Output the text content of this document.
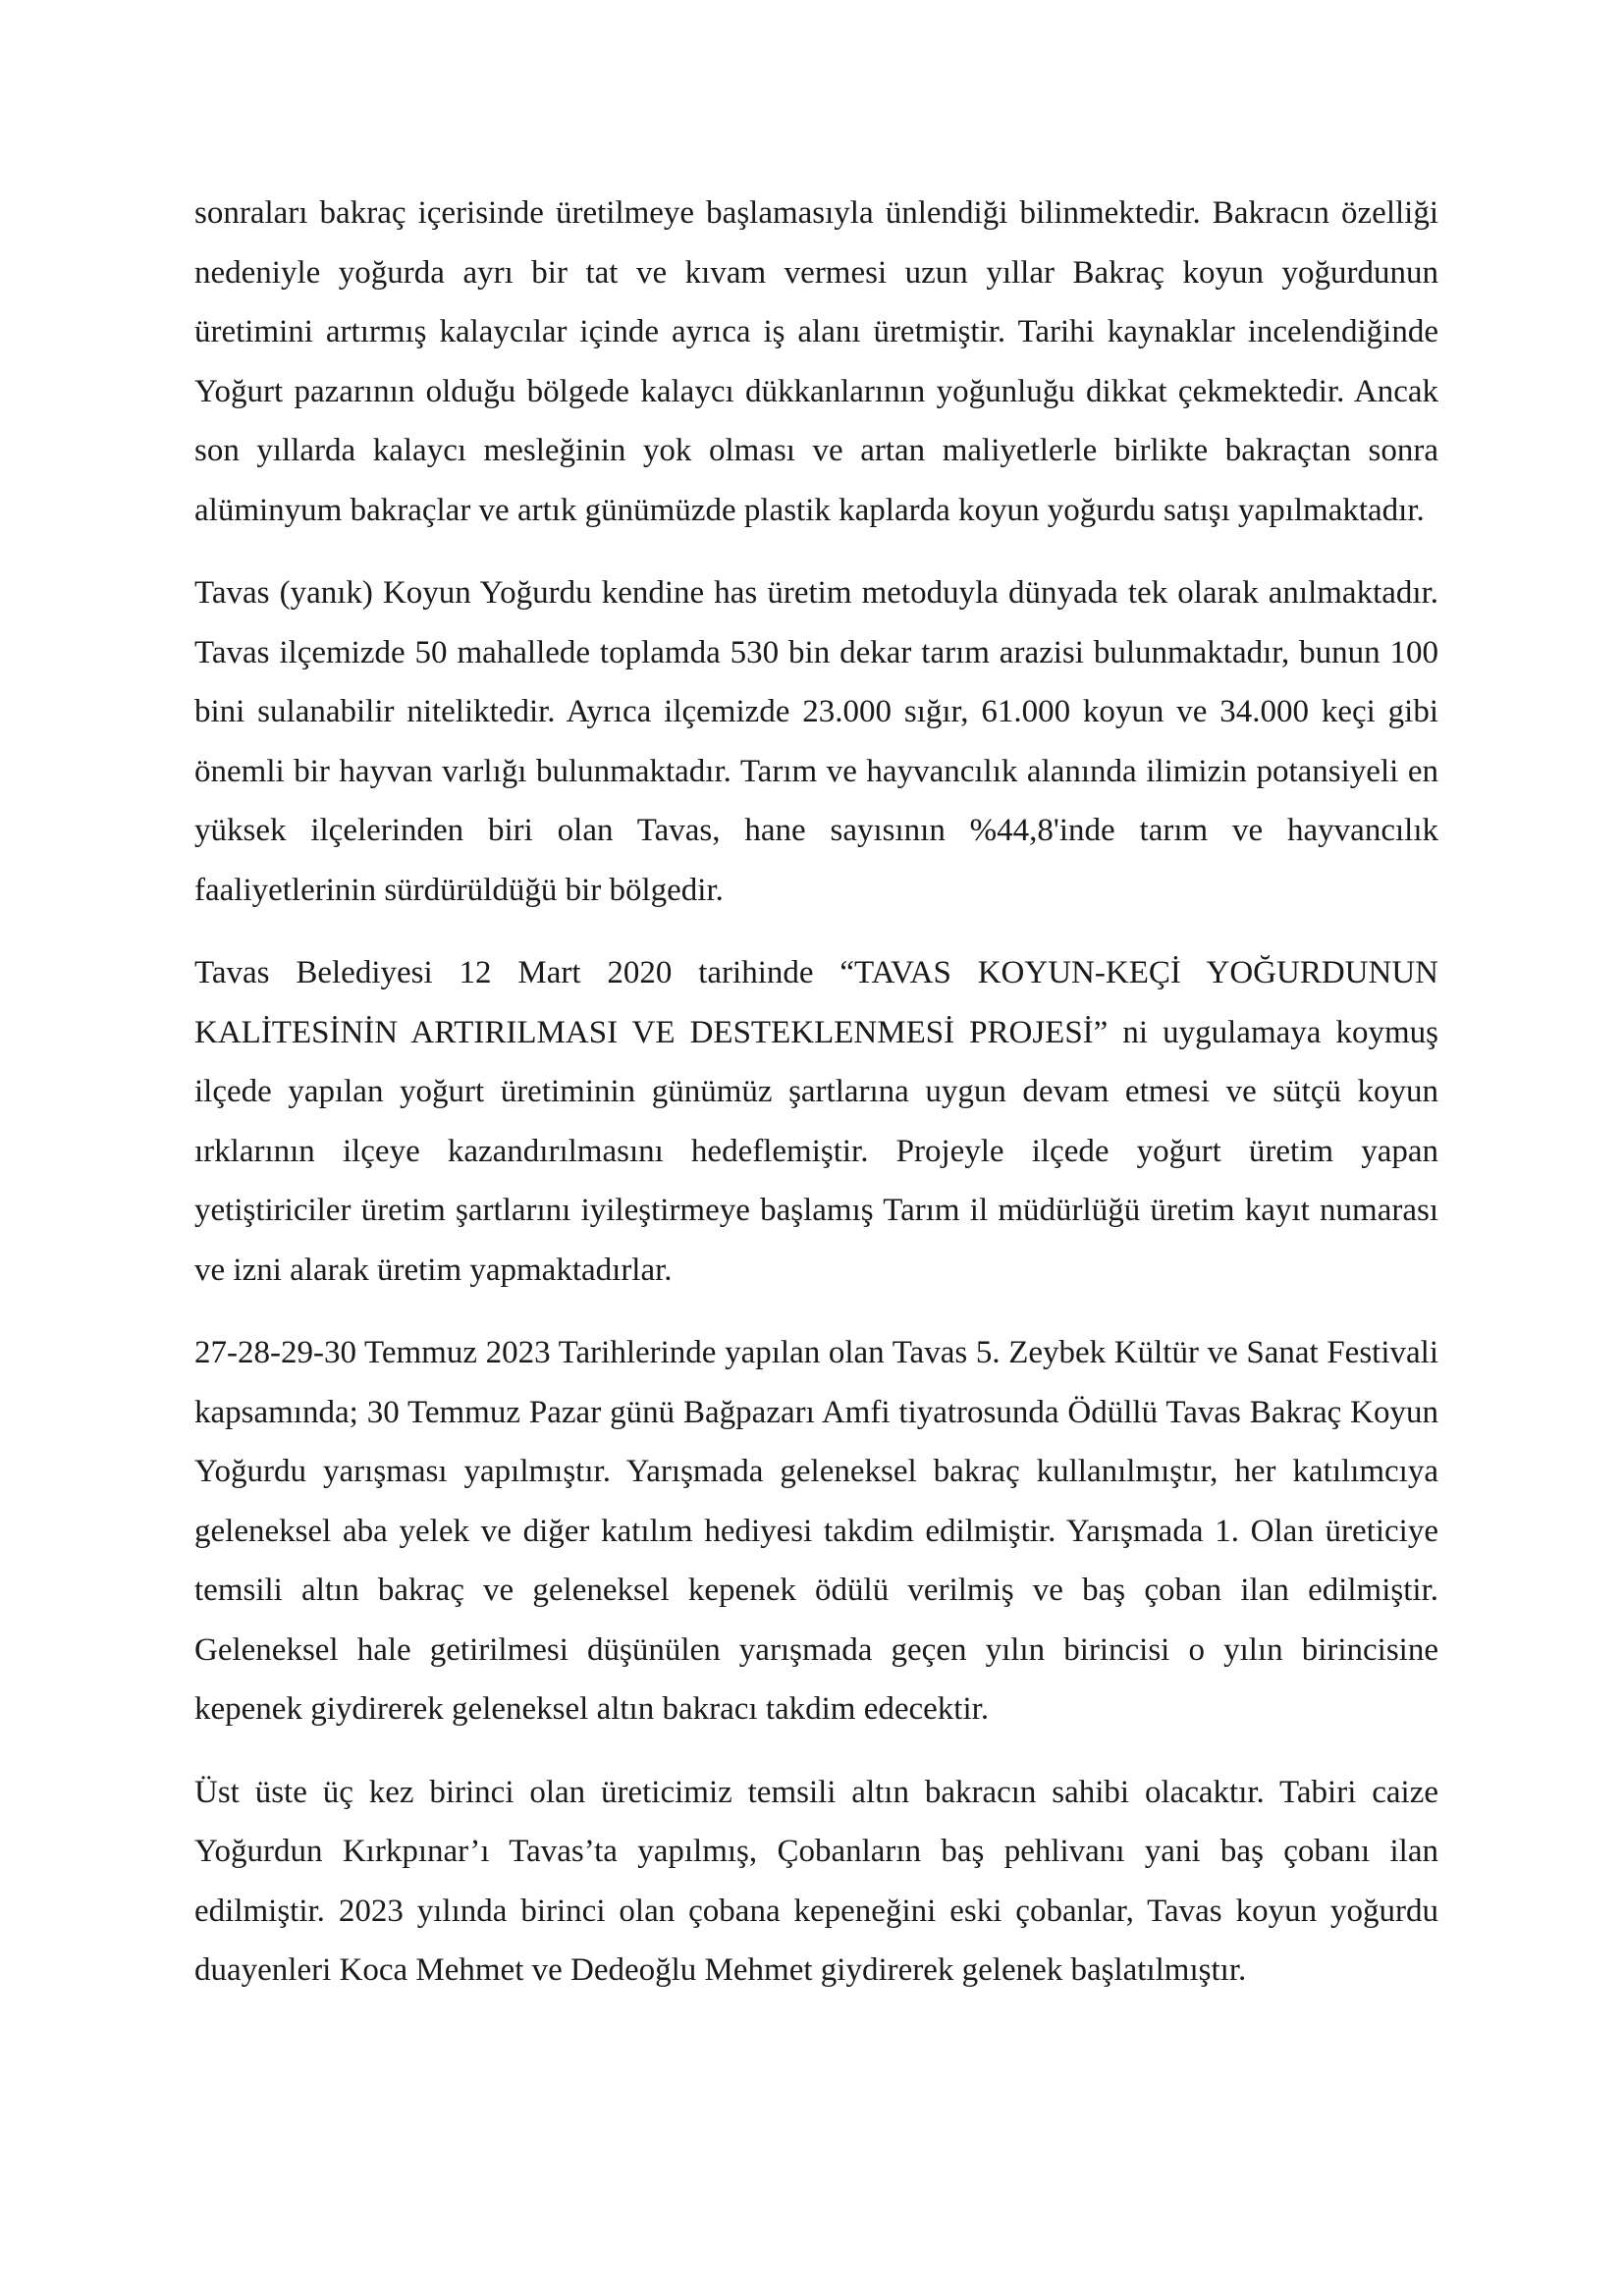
sonraları bakraç içerisinde üretilmeye başlamasıyla ünlendiği bilinmektedir. Bakracın özelliği nedeniyle yoğurda ayrı bir tat ve kıvam vermesi uzun yıllar Bakraç koyun yoğurdunun üretimini artırmış kalaycılar içinde ayrıca iş alanı üretmiştir. Tarihi kaynaklar incelendiğinde Yoğurt pazarının olduğu bölgede kalaycı dükkanlarının yoğunluğu dikkat çekmektedir. Ancak son yıllarda kalaycı mesleğinin yok olması ve artan maliyetlerle birlikte bakraçtan sonra alüminyum bakraçlar ve artık günümüzde plastik kaplarda koyun yoğurdu satışı yapılmaktadır.

Tavas (yanık) Koyun Yoğurdu kendine has üretim metoduyla dünyada tek olarak anılmaktadır. Tavas ilçemizde 50 mahallede toplamda 530 bin dekar tarım arazisi bulunmaktadır, bunun 100 bini sulanabilir niteliktedir. Ayrıca ilçemizde 23.000 sığır, 61.000 koyun ve 34.000 keçi gibi önemli bir hayvan varlığı bulunmaktadır. Tarım ve hayvancılık alanında ilimizin potansiyeli en yüksek ilçelerinden biri olan Tavas, hane sayısının %44,8'inde tarım ve hayvancılık faaliyetlerinin sürdürüldüğü bir bölgedir.

Tavas Belediyesi 12 Mart 2020 tarihinde “TAVAS KOYUN-KEÇİ YOĞURDUNUN KALİTESİNİN ARTIRILMASI VE DESTEKLENMESİ PROJESİ” ni uygulamaya koymuş ilçede yapılan yoğurt üretiminin günümüz şartlarına uygun devam etmesi ve sütçü koyun ırklarının ilçeye kazandırılmasını hedeflemiştir. Projeyle ilçede yoğurt üretim yapan yetiştiriciler üretim şartlarını iyileştirmeye başlamış Tarım il müdürlüğü üretim kayıt numarası ve izni alarak üretim yapmaktadırlar.

27-28-29-30 Temmuz 2023 Tarihlerinde yapılan olan Tavas 5. Zeybek Kültür ve Sanat Festivali kapsamında; 30 Temmuz Pazar günü Bağpazarı Amfi tiyatrosunda Ödüllü Tavas Bakraç Koyun Yoğurdu yarışması yapılmıştır. Yarışmada geleneksel bakraç kullanılmıştır, her katılımcıya geleneksel aba yelek ve diğer katılım hediyesi takdim edilmiştir. Yarışmada 1. Olan üreticiye temsili altın bakraç ve geleneksel kepenek ödülü verilmiş ve baş çoban ilan edilmiştir. Geleneksel hale getirilmesi düşünülen yarışmada geçen yılın birincisi o yılın birincisine kepenek giydirerek geleneksel altın bakracı takdim edecektir.

Üst üste üç kez birinci olan üreticimiz temsili altın bakracın sahibi olacaktır. Tabiri caize Yoğurdun Kırkpınar’ı Tavas’ta yapılmış, Çobanların baş pehlivanı yani baş çobanı ilan edilmiştir. 2023 yılında birinci olan çobana kepeneğini eski çobanlar, Tavas koyun yoğurdu duayenleri Koca Mehmet ve Dedeoğlu Mehmet giydirerek gelenek başlatılmıştır.
